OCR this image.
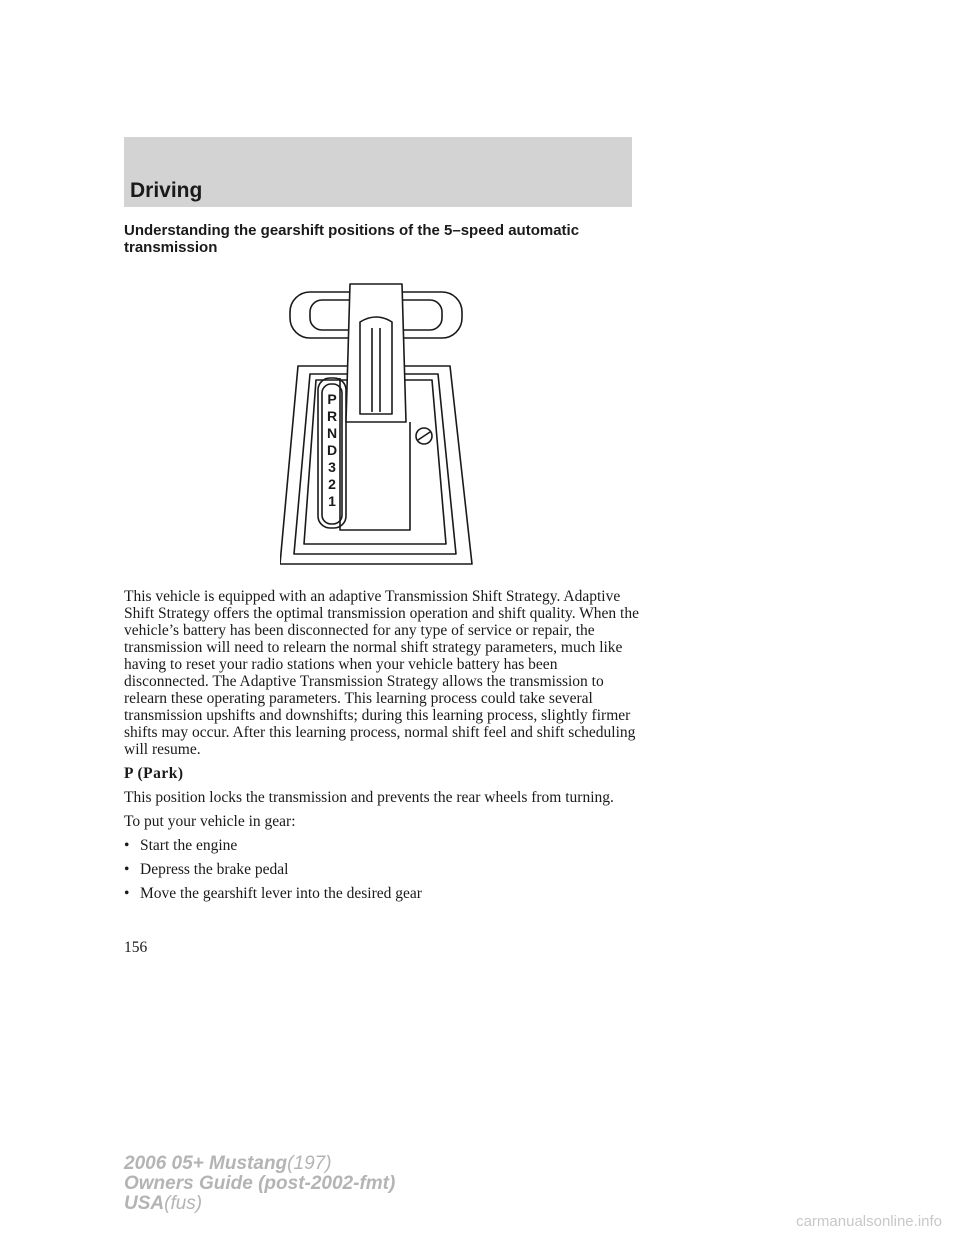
Driving
Understanding the gearshift positions of the 5–speed automatic transmission
P
R
N
D
3
2
1

This vehicle is equipped with an adaptive Transmission Shift Strategy. Adaptive Shift Strategy offers the optimal transmission operation and shift quality. When the vehicle’s battery has been disconnected for any type of service or repair, the transmission will need to relearn the normal shift strategy parameters, much like having to reset your radio stations when your vehicle battery has been disconnected. The Adaptive Transmission Strategy allows the transmission to relearn these operating parameters. This learning process could take several transmission upshifts and downshifts; during this learning process, slightly firmer shifts may occur. After this learning process, normal shift feel and shift scheduling will resume.

P (Park)

This position locks the transmission and prevents the rear wheels from turning.

To put your vehicle in gear:

• Start the engine
• Depress the brake pedal
• Move the gearshift lever into the desired gear
156
2006 05+ Mustang(197)
Owners Guide (post-2002-fmt)
USA(fus)
carmanualsonline.info
